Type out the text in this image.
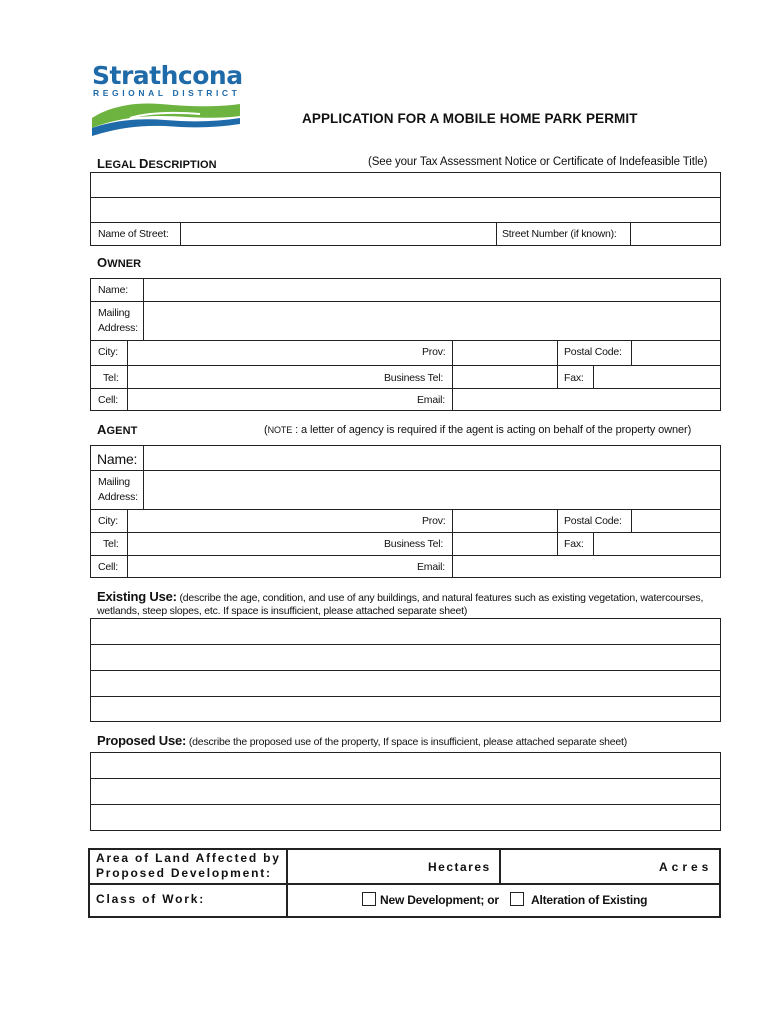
Strathcona
REGIONAL DISTRICT
APPLICATION FOR A MOBILE HOME PARK PERMIT
LEGAL DESCRIPTION	(See your Tax Assessment Notice or Certificate of Indefeasible Title)
Name of Street:	Street Number (if known):
OWNER
Name:
Mailing
Address:
City:	Prov:	Postal Code:
Tel:	Business Tel:	Fax:
Cell:	Email:
AGENT	(NOTE : a letter of agency is required if the agent is acting on behalf of the property owner)
Name:
Mailing
Address:
City:	Prov:	Postal Code:
Tel:	Business Tel:	Fax:
Cell:	Email:
Existing Use: (describe the age, condition, and use of any buildings, and natural features such as existing vegetation, watercourses,
wetlands, steep slopes, etc. If space is insufficient, please attached separate sheet)
Proposed Use: (describe the proposed use of the property, If space is insufficient, please attached separate sheet)
Area of Land Affected by
Proposed Development:	Hectares	Acres
Class of Work:	New Development; or	Alteration of Existing
